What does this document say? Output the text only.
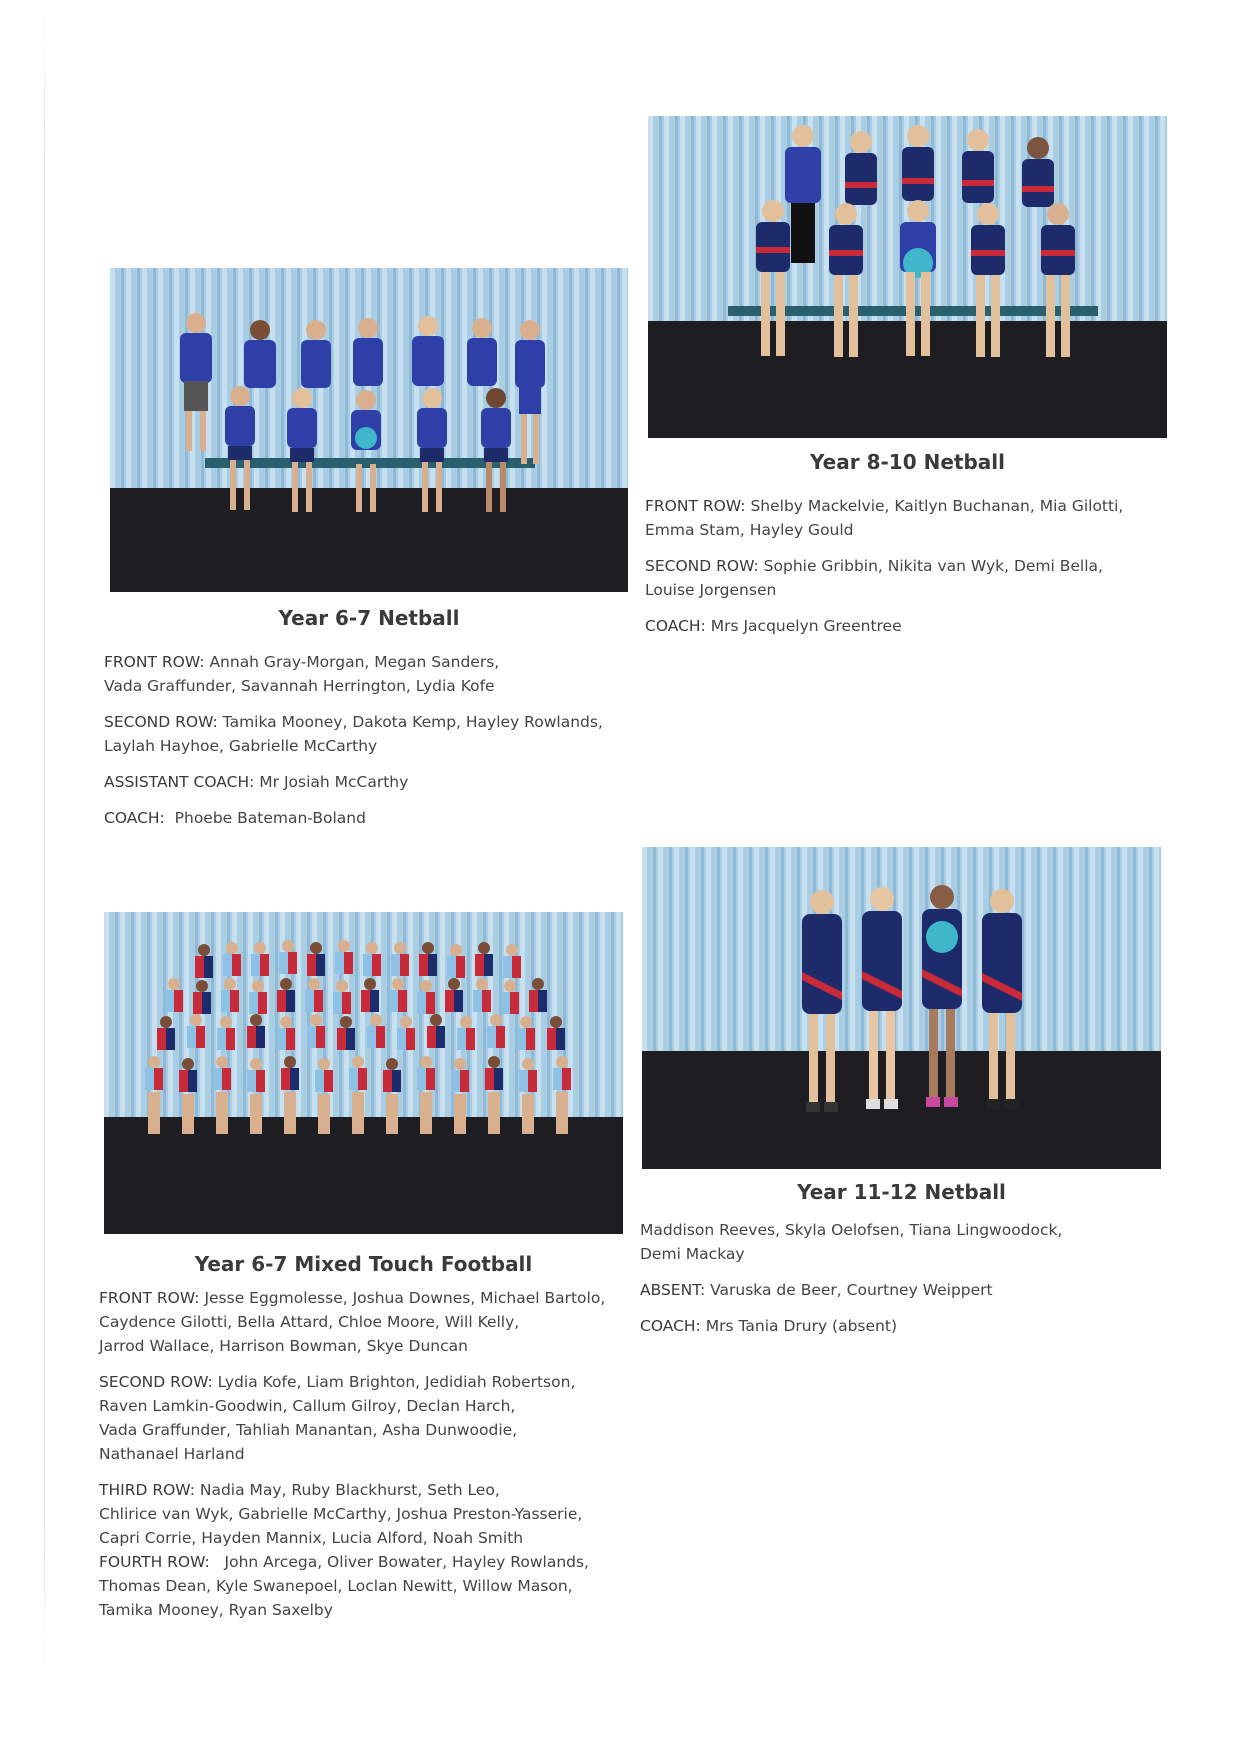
Year 6-7 Netball

FRONT ROW: Annah Gray-Morgan, Megan Sanders,
Vada Graffunder, Savannah Herrington, Lydia Kofe

SECOND ROW: Tamika Mooney, Dakota Kemp, Hayley Rowlands,
Laylah Hayhoe, Gabrielle McCarthy

ASSISTANT COACH: Mr Josiah McCarthy

COACH: Phoebe Bateman-Boland

Year 8-10 Netball

FRONT ROW: Shelby Mackelvie, Kaitlyn Buchanan, Mia Gilotti,
Emma Stam, Hayley Gould

SECOND ROW: Sophie Gribbin, Nikita van Wyk, Demi Bella,
Louise Jorgensen

COACH: Mrs Jacquelyn Greentree

Year 6-7 Mixed Touch Football

FRONT ROW: Jesse Eggmolesse, Joshua Downes, Michael Bartolo,
Caydence Gilotti, Bella Attard, Chloe Moore, Will Kelly,
Jarrod Wallace, Harrison Bowman, Skye Duncan

SECOND ROW: Lydia Kofe, Liam Brighton, Jedidiah Robertson,
Raven Lamkin-Goodwin, Callum Gilroy, Declan Harch,
Vada Graffunder, Tahliah Manantan, Asha Dunwoodie,
Nathanael Harland

THIRD ROW: Nadia May, Ruby Blackhurst, Seth Leo,
Chlirice van Wyk, Gabrielle McCarthy, Joshua Preston-Yasserie,
Capri Corrie, Hayden Mannix, Lucia Alford, Noah Smith
FOURTH ROW: John Arcega, Oliver Bowater, Hayley Rowlands,
Thomas Dean, Kyle Swanepoel, Loclan Newitt, Willow Mason,
Tamika Mooney, Ryan Saxelby

Year 11-12 Netball

Maddison Reeves, Skyla Oelofsen, Tiana Lingwoodock,
Demi Mackay

ABSENT: Varuska de Beer, Courtney Weippert

COACH: Mrs Tania Drury (absent)
